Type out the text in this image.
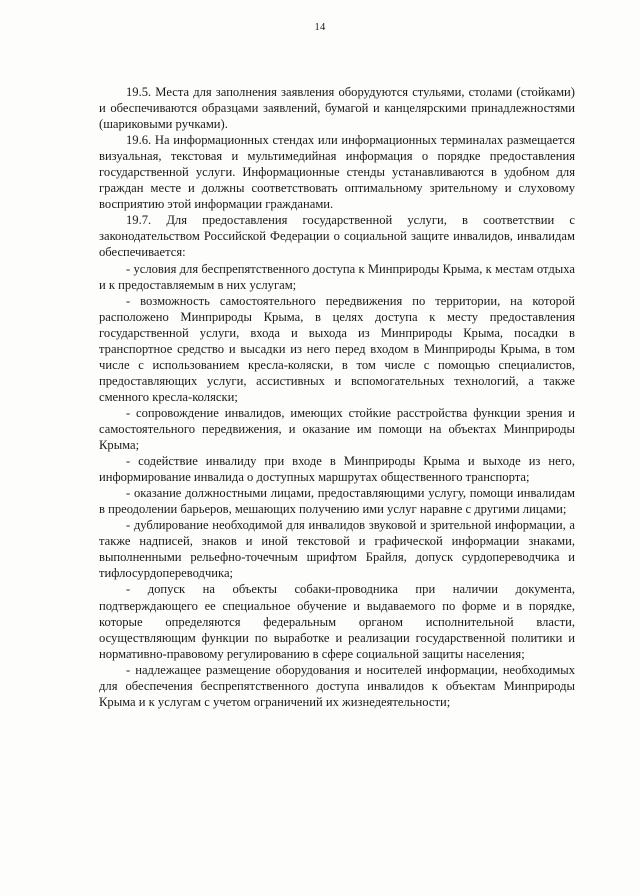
14

19.5. Места для заполнения заявления оборудуются стульями, столами (стойками) и обеспечиваются образцами заявлений, бумагой и канцелярскими принадлежностями (шариковыми ручками).

19.6. На информационных стендах или информационных терминалах размещается визуальная, текстовая и мультимедийная информация о порядке предоставления государственной услуги. Информационные стенды устанавливаются в удобном для граждан месте и должны соответствовать оптимальному зрительному и слуховому восприятию этой информации гражданами.

19.7. Для предоставления государственной услуги, в соответствии с законодательством Российской Федерации о социальной защите инвалидов, инвалидам обеспечивается:

- условия для беспрепятственного доступа к Минприроды Крыма, к местам отдыха и к предоставляемым в них услугам;

- возможность самостоятельного передвижения по территории, на которой расположено Минприроды Крыма, в целях доступа к месту предоставления государственной услуги, входа и выхода из Минприроды Крыма, посадки в транспортное средство и высадки из него перед входом в Минприроды Крыма, в том числе с использованием кресла-коляски, в том числе с помощью специалистов, предоставляющих услуги, ассистивных и вспомогательных технологий, а также сменного кресла-коляски;

- сопровождение инвалидов, имеющих стойкие расстройства функции зрения и самостоятельного передвижения, и оказание им помощи на объектах Минприроды Крыма;

- содействие инвалиду при входе в Минприроды Крыма и выходе из него, информирование инвалида о доступных маршрутах общественного транспорта;

- оказание должностными лицами, предоставляющими услугу, помощи инвалидам в преодолении барьеров, мешающих получению ими услуг наравне с другими лицами;

- дублирование необходимой для инвалидов звуковой и зрительной информации, а также надписей, знаков и иной текстовой и графической информации знаками, выполненными рельефно-точечным шрифтом Брайля, допуск сурдопереводчика и тифлосурдопереводчика;

- допуск на объекты собаки-проводника при наличии документа, подтверждающего ее специальное обучение и выдаваемого по форме и в порядке, которые определяются федеральным органом исполнительной власти, осуществляющим функции по выработке и реализации государственной политики и нормативно-правовому регулированию в сфере социальной защиты населения;

- надлежащее размещение оборудования и носителей информации, необходимых для обеспечения беспрепятственного доступа инвалидов к объектам Минприроды Крыма и к услугам с учетом ограничений их жизнедеятельности;
